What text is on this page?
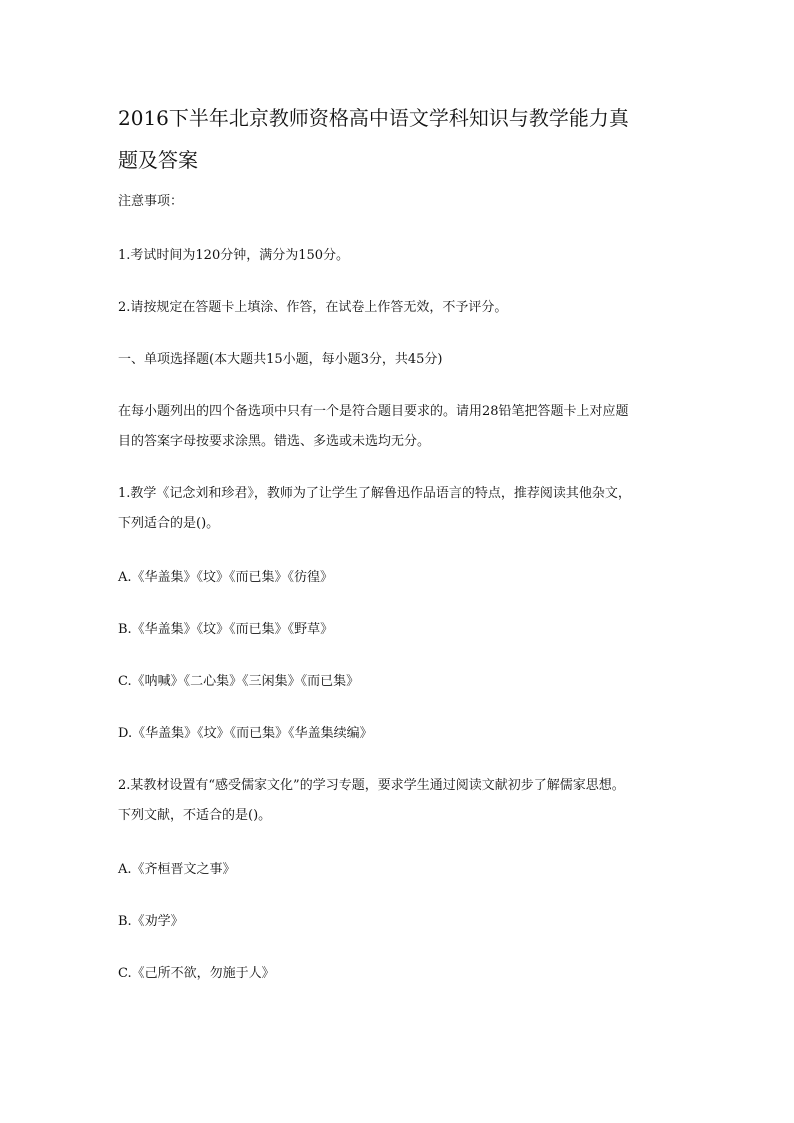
2016下半年北京教师资格高中语文学科知识与教学能力真
题及答案

注意事项：

1.考试时间为120分钟，满分为150分。

2.请按规定在答题卡上填涂、作答，在试卷上作答无效，不予评分。

一、单项选择题(本大题共15小题，每小题3分，共45分)

在每小题列出的四个备选项中只有一个是符合题目要求的。请用28铅笔把答题卡上对应题

目的答案字母按要求涂黑。错选、多选或未选均无分。

1.教学《记念刘和珍君》，教师为了让学生了解鲁迅作品语言的特点，推荐阅读其他杂文，

下列适合的是()。

A.《华盖集》《坟》《而已集》《彷徨》

B.《华盖集》《坟》《而已集》《野草》

C.《呐喊》《二心集》《三闲集》《而已集》

D.《华盖集》《坟》《而已集》《华盖集续编》

2.某教材设置有“感受儒家文化”的学习专题，要求学生通过阅读文献初步了解儒家思想。

下列文献，不适合的是()。

A.《齐桓晋文之事》

B.《劝学》

C.《己所不欲，勿施于人》
